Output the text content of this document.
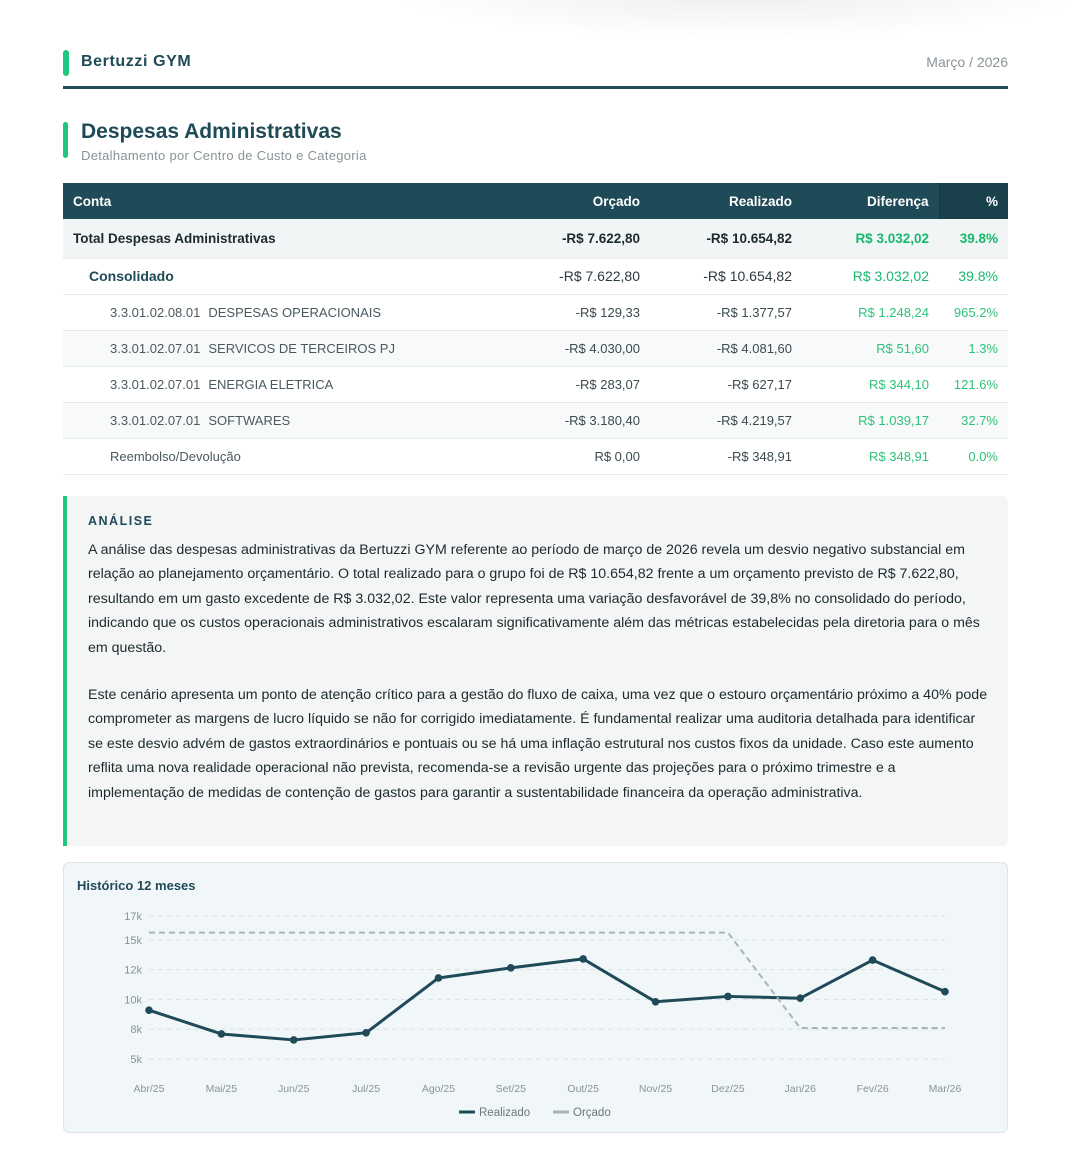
Bertuzzi GYM	Março / 2026
Despesas Administrativas
Detalhamento por Centro de Custo e Categoria
Conta	Orçado	Realizado	Diferença	%
Total Despesas Administrativas	-R$ 7.622,80	-R$ 10.654,82	R$ 3.032,02	39.8%
Consolidado	-R$ 7.622,80	-R$ 10.654,82	R$ 3.032,02	39.8%
3.3.01.02.08.01 DESPESAS OPERACIONAIS	-R$ 129,33	-R$ 1.377,57	R$ 1.248,24	965.2%
3.3.01.02.07.01 SERVICOS DE TERCEIROS PJ	-R$ 4.030,00	-R$ 4.081,60	R$ 51,60	1.3%
3.3.01.02.07.01 ENERGIA ELETRICA	-R$ 283,07	-R$ 627,17	R$ 344,10	121.6%
3.3.01.02.07.01 SOFTWARES	-R$ 3.180,40	-R$ 4.219,57	R$ 1.039,17	32.7%
Reembolso/Devolução	R$ 0,00	-R$ 348,91	R$ 348,91	0.0%
ANÁLISE

A análise das despesas administrativas da Bertuzzi GYM referente ao período de março de 2026 revela um desvio negativo substancial em relação ao planejamento orçamentário. O total realizado para o grupo foi de R$ 10.654,82 frente a um orçamento previsto de R$ 7.622,80, resultando em um gasto excedente de R$ 3.032,02. Este valor representa uma variação desfavorável de 39,8% no consolidado do período, indicando que os custos operacionais administrativos escalaram significativamente além das métricas estabelecidas pela diretoria para o mês em questão.

Este cenário apresenta um ponto de atenção crítico para a gestão do fluxo de caixa, uma vez que o estouro orçamentário próximo a 40% pode comprometer as margens de lucro líquido se não for corrigido imediatamente. É fundamental realizar uma auditoria detalhada para identificar se este desvio advém de gastos extraordinários e pontuais ou se há uma inflação estrutural nos custos fixos da unidade. Caso este aumento reflita uma nova realidade operacional não prevista, recomenda-se a revisão urgente das projeções para o próximo trimestre e a implementação de medidas de contenção de gastos para garantir a sustentabilidade financeira da operação administrativa.

Histórico 12 meses
17k
15k
12k
10k
8k
5k
Abr/25	Mai/25	Jun/25	Jul/25	Ago/25	Set/25	Out/25	Nov/25	Dez/25	Jan/26	Fev/26	Mar/26
Realizado	Orçado
